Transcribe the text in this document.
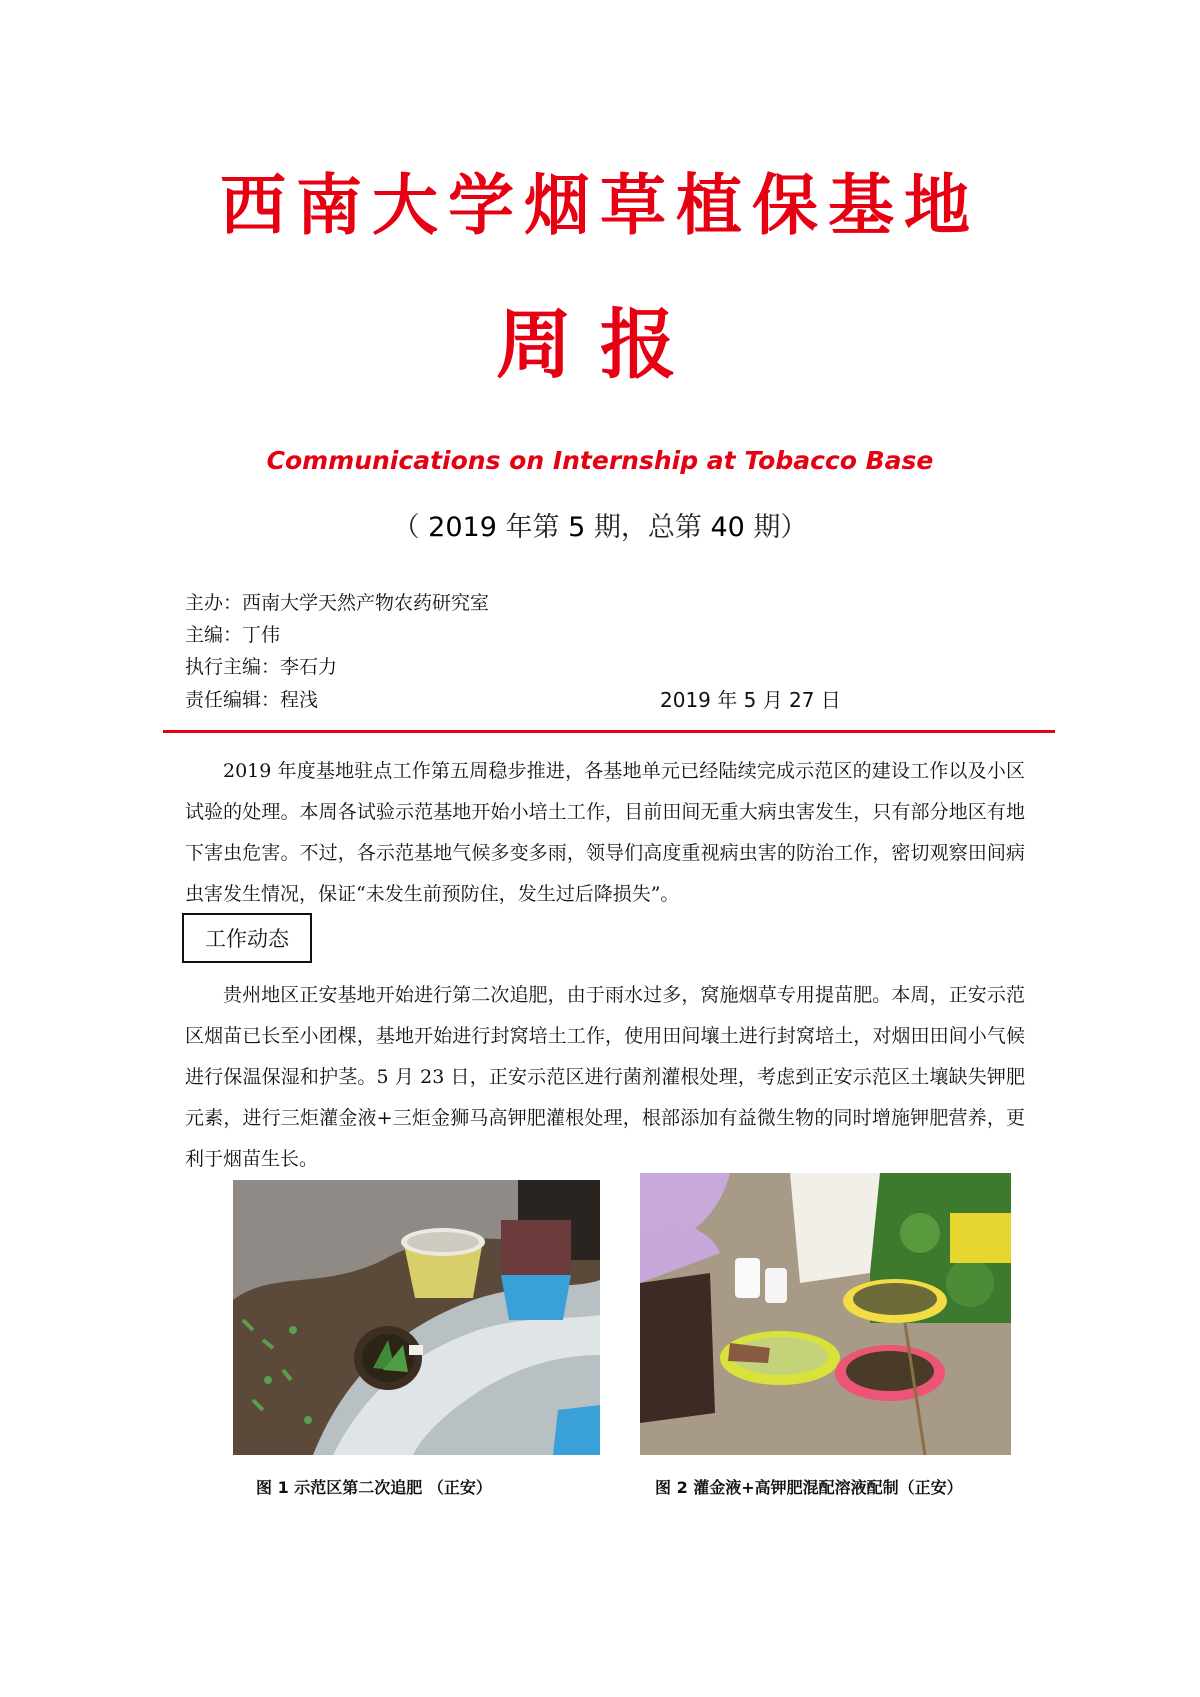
西南大学烟草植保基地
周报
Communications on Internship at Tobacco Base
（ 2019 年第 5 期，总第 40 期）
主办：西南大学天然产物农药研究室
主编：丁伟
执行主编：李石力
责任编辑：程浅	2019 年 5 月 27 日
2019 年度基地驻点工作第五周稳步推进，各基地单元已经陆续完成示范区的建设工作以及小区试验的处理。本周各试验示范基地开始小培土工作，目前田间无重大病虫害发生，只有部分地区有地下害虫危害。不过，各示范基地气候多变多雨，领导们高度重视病虫害的防治工作，密切观察田间病虫害发生情况，保证“未发生前预防住，发生过后降损失”。
工作动态
贵州地区正安基地开始进行第二次追肥，由于雨水过多，窝施烟草专用提苗肥。本周，正安示范区烟苗已长至小团棵，基地开始进行封窝培土工作，使用田间壤土进行封窝培土，对烟田田间小气候进行保温保湿和护茎。5 月 23 日，正安示范区进行菌剂灌根处理，考虑到正安示范区土壤缺失钾肥元素，进行三炬灌金液+三炬金狮马高钾肥灌根处理，根部添加有益微生物的同时增施钾肥营养，更利于烟苗生长。
图 1 示范区第二次追肥 （正安）	图 2 灌金液+高钾肥混配溶液配制（正安）
